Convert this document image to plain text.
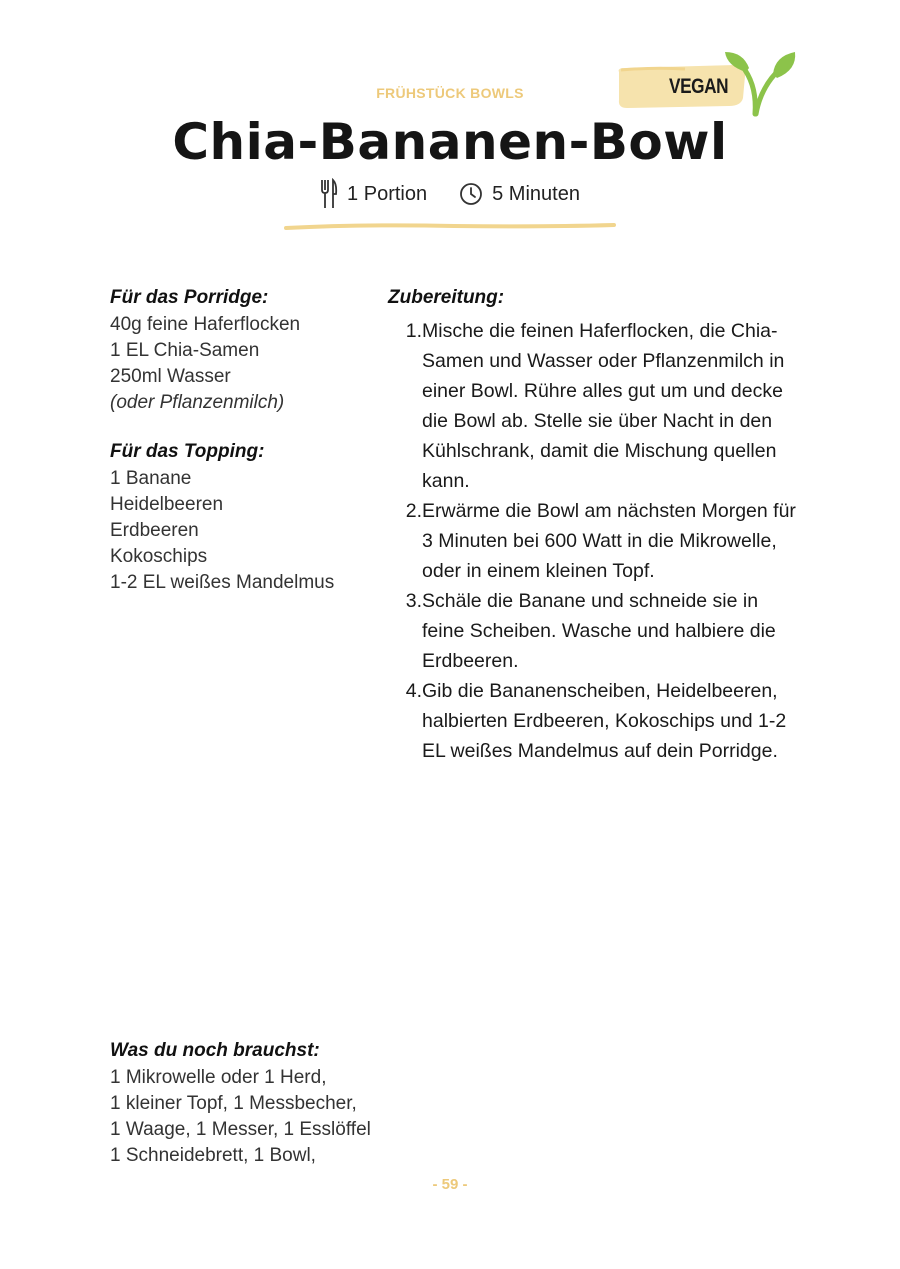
FRÜHSTÜCK BOWLS	VEGAN
Chia-Bananen-Bowl
1 Portion	5 Minuten
Für das Porridge:
40g feine Haferflocken
1 EL Chia-Samen
250ml Wasser
(oder Pflanzenmilch)
Für das Topping:
1 Banane
Heidelbeeren
Erdbeeren
Kokoschips
1-2 EL weißes Mandelmus
Zubereitung:
1. Mische die feinen Haferflocken, die Chia-Samen und Wasser oder Pflanzenmilch in einer Bowl. Rühre alles gut um und decke die Bowl ab. Stelle sie über Nacht in den Kühlschrank, damit die Mischung quellen kann.
2. Erwärme die Bowl am nächsten Morgen für 3 Minuten bei 600 Watt in die Mikrowelle, oder in einem kleinen Topf.
3. Schäle die Banane und schneide sie in feine Scheiben. Wasche und halbiere die Erdbeeren.
4. Gib die Bananenscheiben, Heidelbeeren, halbierten Erdbeeren, Kokoschips und 1-2 EL weißes Mandelmus auf dein Porridge.
Was du noch brauchst:
1 Mikrowelle oder 1 Herd,
1 kleiner Topf, 1 Messbecher,
1 Waage, 1 Messer, 1 Esslöffel
1 Schneidebrett, 1 Bowl,
- 59 -
